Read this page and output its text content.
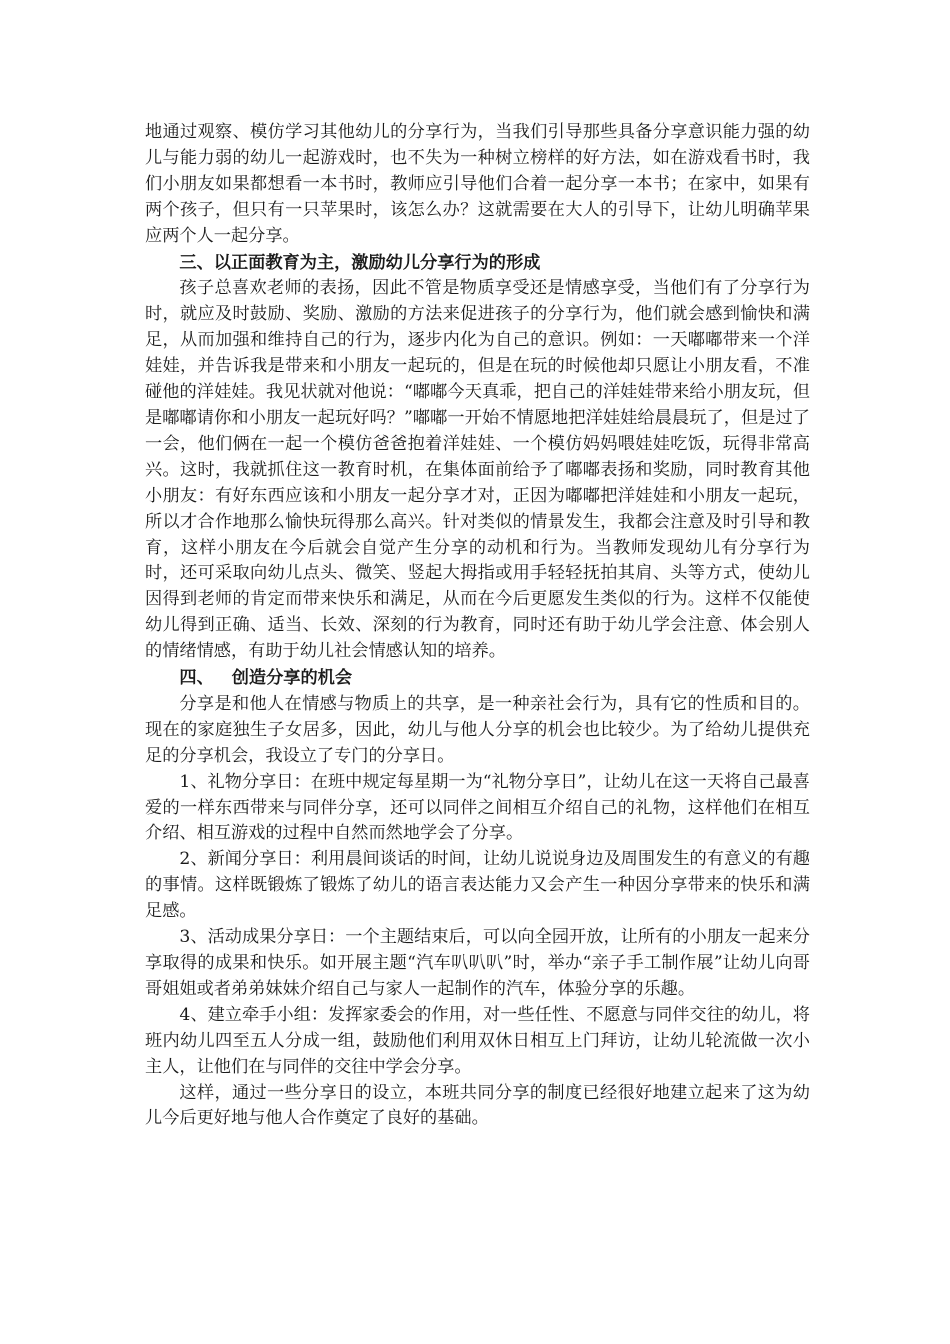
地通过观察、模仿学习其他幼儿的分享行为，当我们引导那些具备分享意识能力强的幼儿与能力弱的幼儿一起游戏时，也不失为一种树立榜样的好方法，如在游戏看书时，我们小朋友如果都想看一本书时，教师应引导他们合着一起分享一本书；在家中，如果有两个孩子，但只有一只苹果时，该怎么办？这就需要在大人的引导下，让幼儿明确苹果应两个人一起分享。

三、以正面教育为主，激励幼儿分享行为的形成

孩子总喜欢老师的表扬，因此不管是物质享受还是情感享受，当他们有了分享行为时，就应及时鼓励、奖励、激励的方法来促进孩子的分享行为，他们就会感到愉快和满足，从而加强和维持自己的行为，逐步内化为自己的意识。例如：一天嘟嘟带来一个洋娃娃，并告诉我是带来和小朋友一起玩的，但是在玩的时候他却只愿让小朋友看，不准碰他的洋娃娃。我见状就对他说：“嘟嘟今天真乖，把自己的洋娃娃带来给小朋友玩，但是嘟嘟请你和小朋友一起玩好吗？”嘟嘟一开始不情愿地把洋娃娃给晨晨玩了，但是过了一会，他们俩在一起一个模仿爸爸抱着洋娃娃、一个模仿妈妈喂娃娃吃饭，玩得非常高兴。这时，我就抓住这一教育时机，在集体面前给予了嘟嘟表扬和奖励，同时教育其他小朋友：有好东西应该和小朋友一起分享才对，正因为嘟嘟把洋娃娃和小朋友一起玩，所以才合作地那么愉快玩得那么高兴。针对类似的情景发生，我都会注意及时引导和教育，这样小朋友在今后就会自觉产生分享的动机和行为。当教师发现幼儿有分享行为时，还可采取向幼儿点头、微笑、竖起大拇指或用手轻轻抚拍其肩、头等方式，使幼儿因得到老师的肯定而带来快乐和满足，从而在今后更愿发生类似的行为。这样不仅能使幼儿得到正确、适当、长效、深刻的行为教育，同时还有助于幼儿学会注意、体会别人的情绪情感，有助于幼儿社会情感认知的培养。

四、 创造分享的机会

分享是和他人在情感与物质上的共享，是一种亲社会行为，具有它的性质和目的。现在的家庭独生子女居多，因此，幼儿与他人分享的机会也比较少。为了给幼儿提供充足的分享机会，我设立了专门的分享日。

1、礼物分享日：在班中规定每星期一为“礼物分享日”，让幼儿在这一天将自己最喜爱的一样东西带来与同伴分享，还可以同伴之间相互介绍自己的礼物，这样他们在相互介绍、相互游戏的过程中自然而然地学会了分享。

2、新闻分享日：利用晨间谈话的时间，让幼儿说说身边及周围发生的有意义的有趣的事情。这样既锻炼了锻炼了幼儿的语言表达能力又会产生一种因分享带来的快乐和满足感。

3、活动成果分享日：一个主题结束后，可以向全园开放，让所有的小朋友一起来分享取得的成果和快乐。如开展主题“汽车叭叭叭”时，举办“亲子手工制作展”让幼儿向哥哥姐姐或者弟弟妹妹介绍自己与家人一起制作的汽车，体验分享的乐趣。

4、建立牵手小组：发挥家委会的作用，对一些任性、不愿意与同伴交往的幼儿，将班内幼儿四至五人分成一组，鼓励他们利用双休日相互上门拜访，让幼儿轮流做一次小主人，让他们在与同伴的交往中学会分享。

这样，通过一些分享日的设立，本班共同分享的制度已经很好地建立起来了这为幼儿今后更好地与他人合作奠定了良好的基础。
